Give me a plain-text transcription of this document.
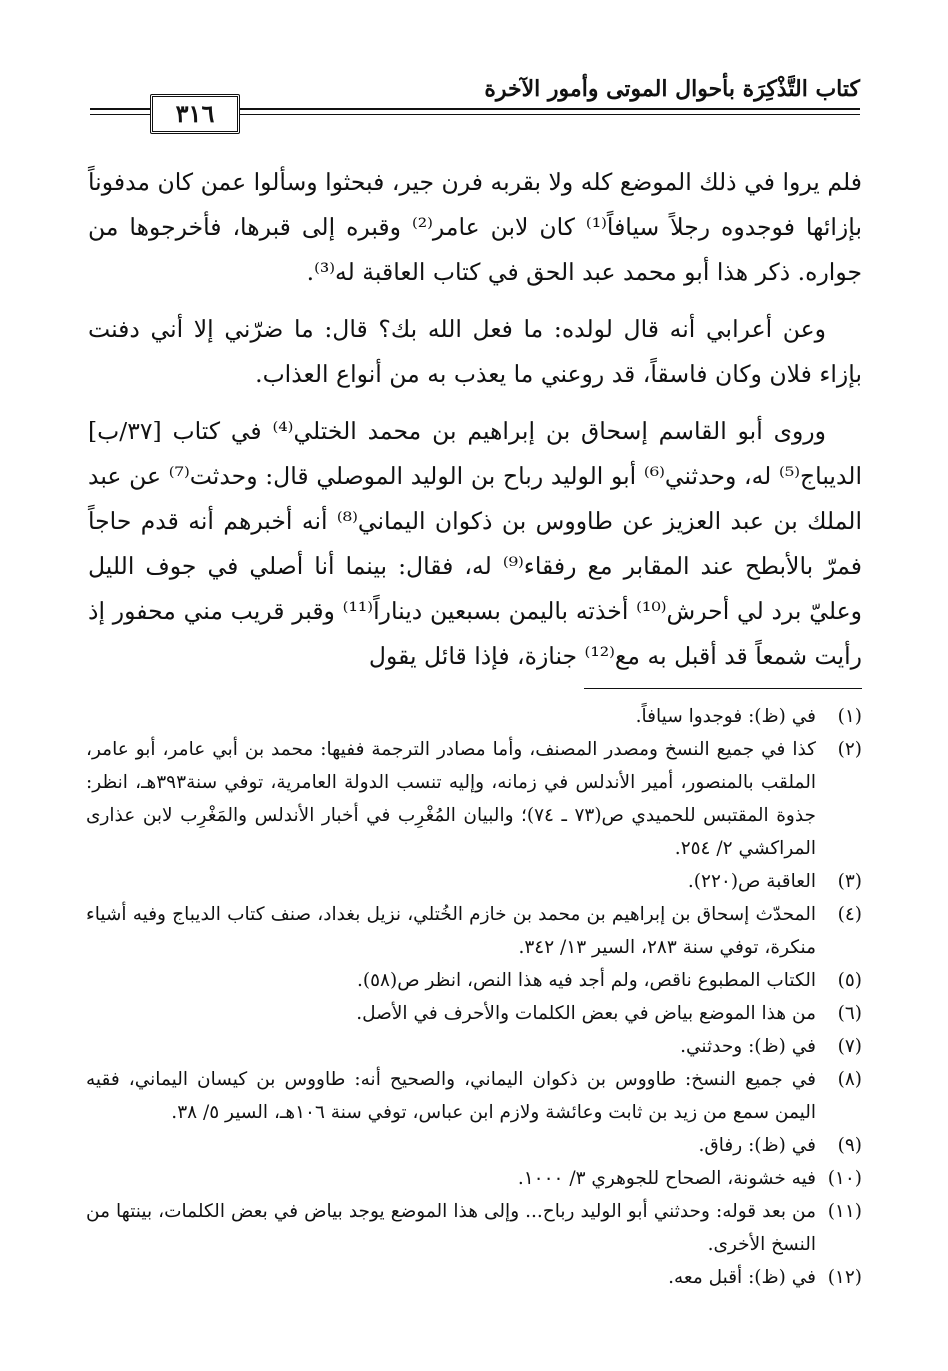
كتاب التَّذْكِرَة بأحوال الموتى وأمور الآخرة
٣١٦

فلم يروا في ذلك الموضع كله ولا بقربه فرن جير، فبحثوا وسألوا عمن كان مدفوناً بإزائها فوجدوه رجلاً سيافاً⁽¹⁾ كان لابن عامر⁽²⁾ وقبره إلى قبرها، فأخرجوها من جواره. ذكر هذا أبو محمد عبد الحق في كتاب العاقبة له⁽³⁾.

وعن أعرابي أنه قال لولده: ما فعل الله بك؟ قال: ما ضرّني إلا أني دفنت بإزاء فلان وكان فاسقاً، قد روعني ما يعذب به من أنواع العذاب.

وروى أبو القاسم إسحاق بن إبراهيم بن محمد الختلي⁽⁴⁾ في كتاب [٣٧/ب] الديباج⁽⁵⁾ له، وحدثني⁽⁶⁾ أبو الوليد رباح بن الوليد الموصلي قال: وحدثت⁽⁷⁾ عن عبد الملك بن عبد العزيز عن طاووس بن ذكوان اليماني⁽⁸⁾ أنه أخبرهم أنه قدم حاجاً فمرّ بالأبطح عند المقابر مع رفقاء⁽⁹⁾ له، فقال: بينما أنا أصلي في جوف الليل وعليّ برد لي أحرش⁽¹⁰⁾ أخذته باليمن بسبعين ديناراً⁽¹¹⁾ وقبر قريب مني محفور إذ رأيت شمعاً قد أقبل به مع⁽¹²⁾ جنازة، فإذا قائل يقول

(١)
في (ظ): فوجدوا سيافاً.
(٢)
كذا في جميع النسخ ومصدر المصنف، وأما مصادر الترجمة ففيها: محمد بن أبي عامر، أبو عامر، الملقب بالمنصور، أمير الأندلس في زمانه، وإليه تنسب الدولة العامرية، توفي سنة٣٩٣هـ، انظر: جذوة المقتبس للحميدي ص(٧٣ ـ ٧٤)؛ والبيان المُغْرِب في أخبار الأندلس والمَغْرِب لابن عذارى المراكشي ٢/ ٢٥٤.
(٣)
العاقبة ص(٢٢٠).
(٤)
المحدّث إسحاق بن إبراهيم بن محمد بن خازم الخُتلي، نزيل بغداد، صنف كتاب الديباج وفيه أشياء منكرة، توفي سنة ٢٨٣، السير ١٣/ ٣٤٢.
(٥)
الكتاب المطبوع ناقص، ولم أجد فيه هذا النص، انظر ص(٥٨).
(٦)
من هذا الموضع بياض في بعض الكلمات والأحرف في الأصل.
(٧)
في (ظ): وحدثني.
(٨)
في جميع النسخ: طاووس بن ذكوان اليماني، والصحيح أنه: طاووس بن كيسان اليماني، فقيه اليمن سمع من زيد بن ثابت وعائشة ولازم ابن عباس، توفي سنة ١٠٦هـ، السير ٥/ ٣٨.
(٩)
في (ظ): رفاق.
(١٠)
فيه خشونة، الصحاح للجوهري ٣/ ١٠٠٠.
(١١)
من بعد قوله: وحدثني أبو الوليد رباح... وإلى هذا الموضع يوجد بياض في بعض الكلمات، بينتها من النسخ الأخرى.
(١٢)
في (ظ): أقبل معه.
